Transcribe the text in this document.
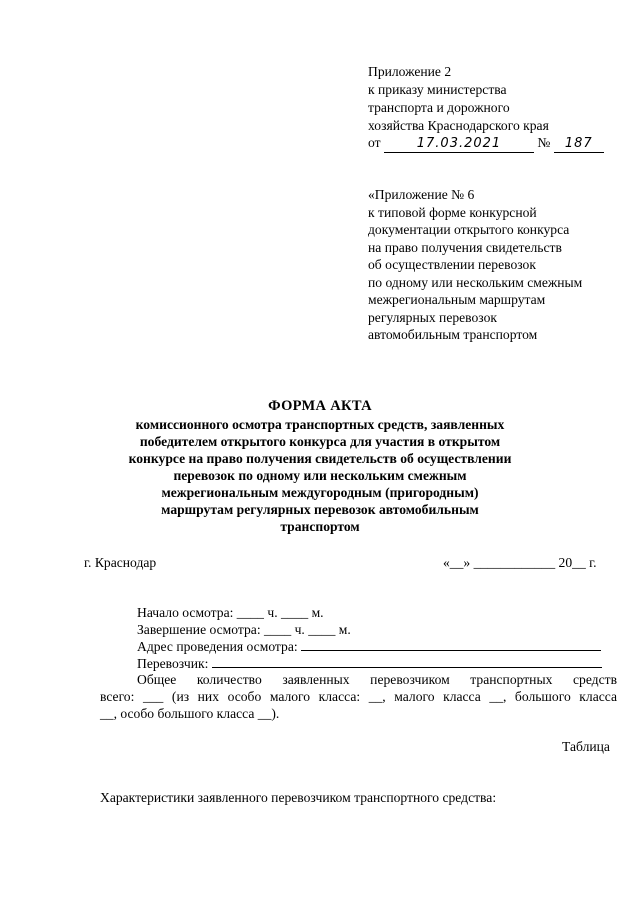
Приложение 2
к приказу министерства
транспорта и дорожного
хозяйства Краснодарского края
от	17.03.2021	№ 187
«Приложение № 6
к типовой форме конкурсной
документации открытого конкурса
на право получения свидетельств
об осуществлении перевозок
по одному или нескольким смежным
межрегиональным маршрутам
регулярных перевозок
автомобильным транспортом
ФОРМА АКТА
комиссионного осмотра транспортных средств, заявленных
победителем открытого конкурса для участия в открытом
конкурсе на право получения свидетельств об осуществлении
перевозок по одному или нескольким смежным
межрегиональным междугородным (пригородным)
маршрутам регулярных перевозок автомобильным
транспортом
г. Краснодар	«__» ____________ 20__ г.
Начало осмотра: ____ ч. ____ м.
Завершение осмотра: ____ ч. ____ м.
Адрес проведения осмотра:
Перевозчик:
Общее количество заявленных перевозчиком транспортных средств
всего: ___ (из них особо малого класса: __, малого класса __, большого класса
__, особо большого класса __).
Таблица
Характеристики заявленного перевозчиком транспортного средства:
